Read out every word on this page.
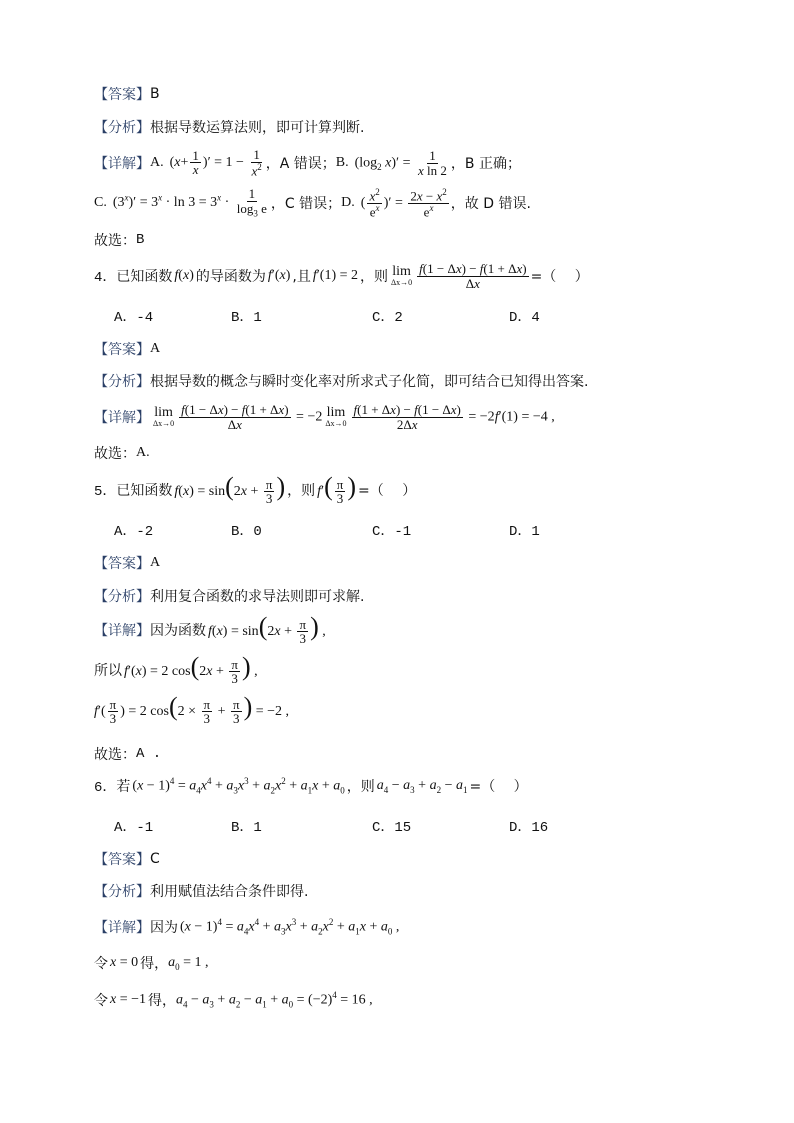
【答案】 B
【分析】 根据导数运算法则，即可计算判断.
【详解】 A. ($x+ \frac{1}{x}$ )′ = $1 - \frac{1}{x^2}$ ，A 错误； B. ($\log_2$ $x)' = \frac{1}{\text{x ln 2}}$ ，B 正确；
C. $(3^x)' = 3^x \cdot \ln 3 = 3^x \cdot \frac{1}{\log_3 e}$ ，C 错误； D. ( $\frac{x^2}{e^x}$ )′ = $\frac{2x - x^2}{e^x}$ ，故 D 错误.
故选： B
4． 已知函数 f(x) 的导函数为 f′(x) ,且 f′(1) = 2 ，则 lim
$\Delta x\to 0 \frac{f(1 - \Delta x) - f(1 + \Delta x)}{\Delta x}$ =（　 ）
A．-4	B．1	C．2	D．4
【答案】 A
【分析】 根据导数的概念与瞬时变化率对所求式子化简，即可结合已知得出答案.
【详解】 lim
$\Delta x\to 0 \frac{f(1 - \Delta x) - f(1 + \Delta x)}{\Delta x} = -2$ lim
$\Delta x\to 0 \frac{f(1 + \Delta x) - f(1 - \Delta x)}{2\Delta x} = -2f'(1) = -4$ ,
故选： A.
5． 已知函数 $f(x) = \sin(2x + \frac{\pi}{3}$ ) ，则 $f'( \frac{\pi}{3}$ ) =（　 ）
A．-2	B．0	C．-1	D．1
【答案】 A
【分析】 利用复合函数的求导法则即可求解.
【详解】 因为函数 $f(x) = \sin(2x + \frac{\pi}{3}$ ) ,
所以 f′(x) = 2 $\cos(2x + \frac{\pi}{3}$ ) ,
$f'( \frac{\pi}{3}$ ) = 2 $\cos(2 \times \frac{\pi}{3} + \frac{\pi}{3}$ ) = −2 ,
故选： A .
6． 若 $(x - 1)^4 = a_4x^4 + a_3x^3 + a_2x^2 + a_1x + a_0$ ，则 $a_4 - a_3 + a_2 - a_1$ =（　 ）
A．-1	B．1	C．15	D．16
【答案】 C
【分析】 利用赋值法结合条件即得.
【详解】 因为 $(x - 1)^4 = a_4x^4 + a_3x^3 + a_2x^2 + a_1x + a_0$ ,
令 x = 0 得， $a_0 = 1$ ,
令 x = −1 得， $a_4 - a_3 + a_2 - a_1 + a_0 = (-2)^4 = 16$ ,
